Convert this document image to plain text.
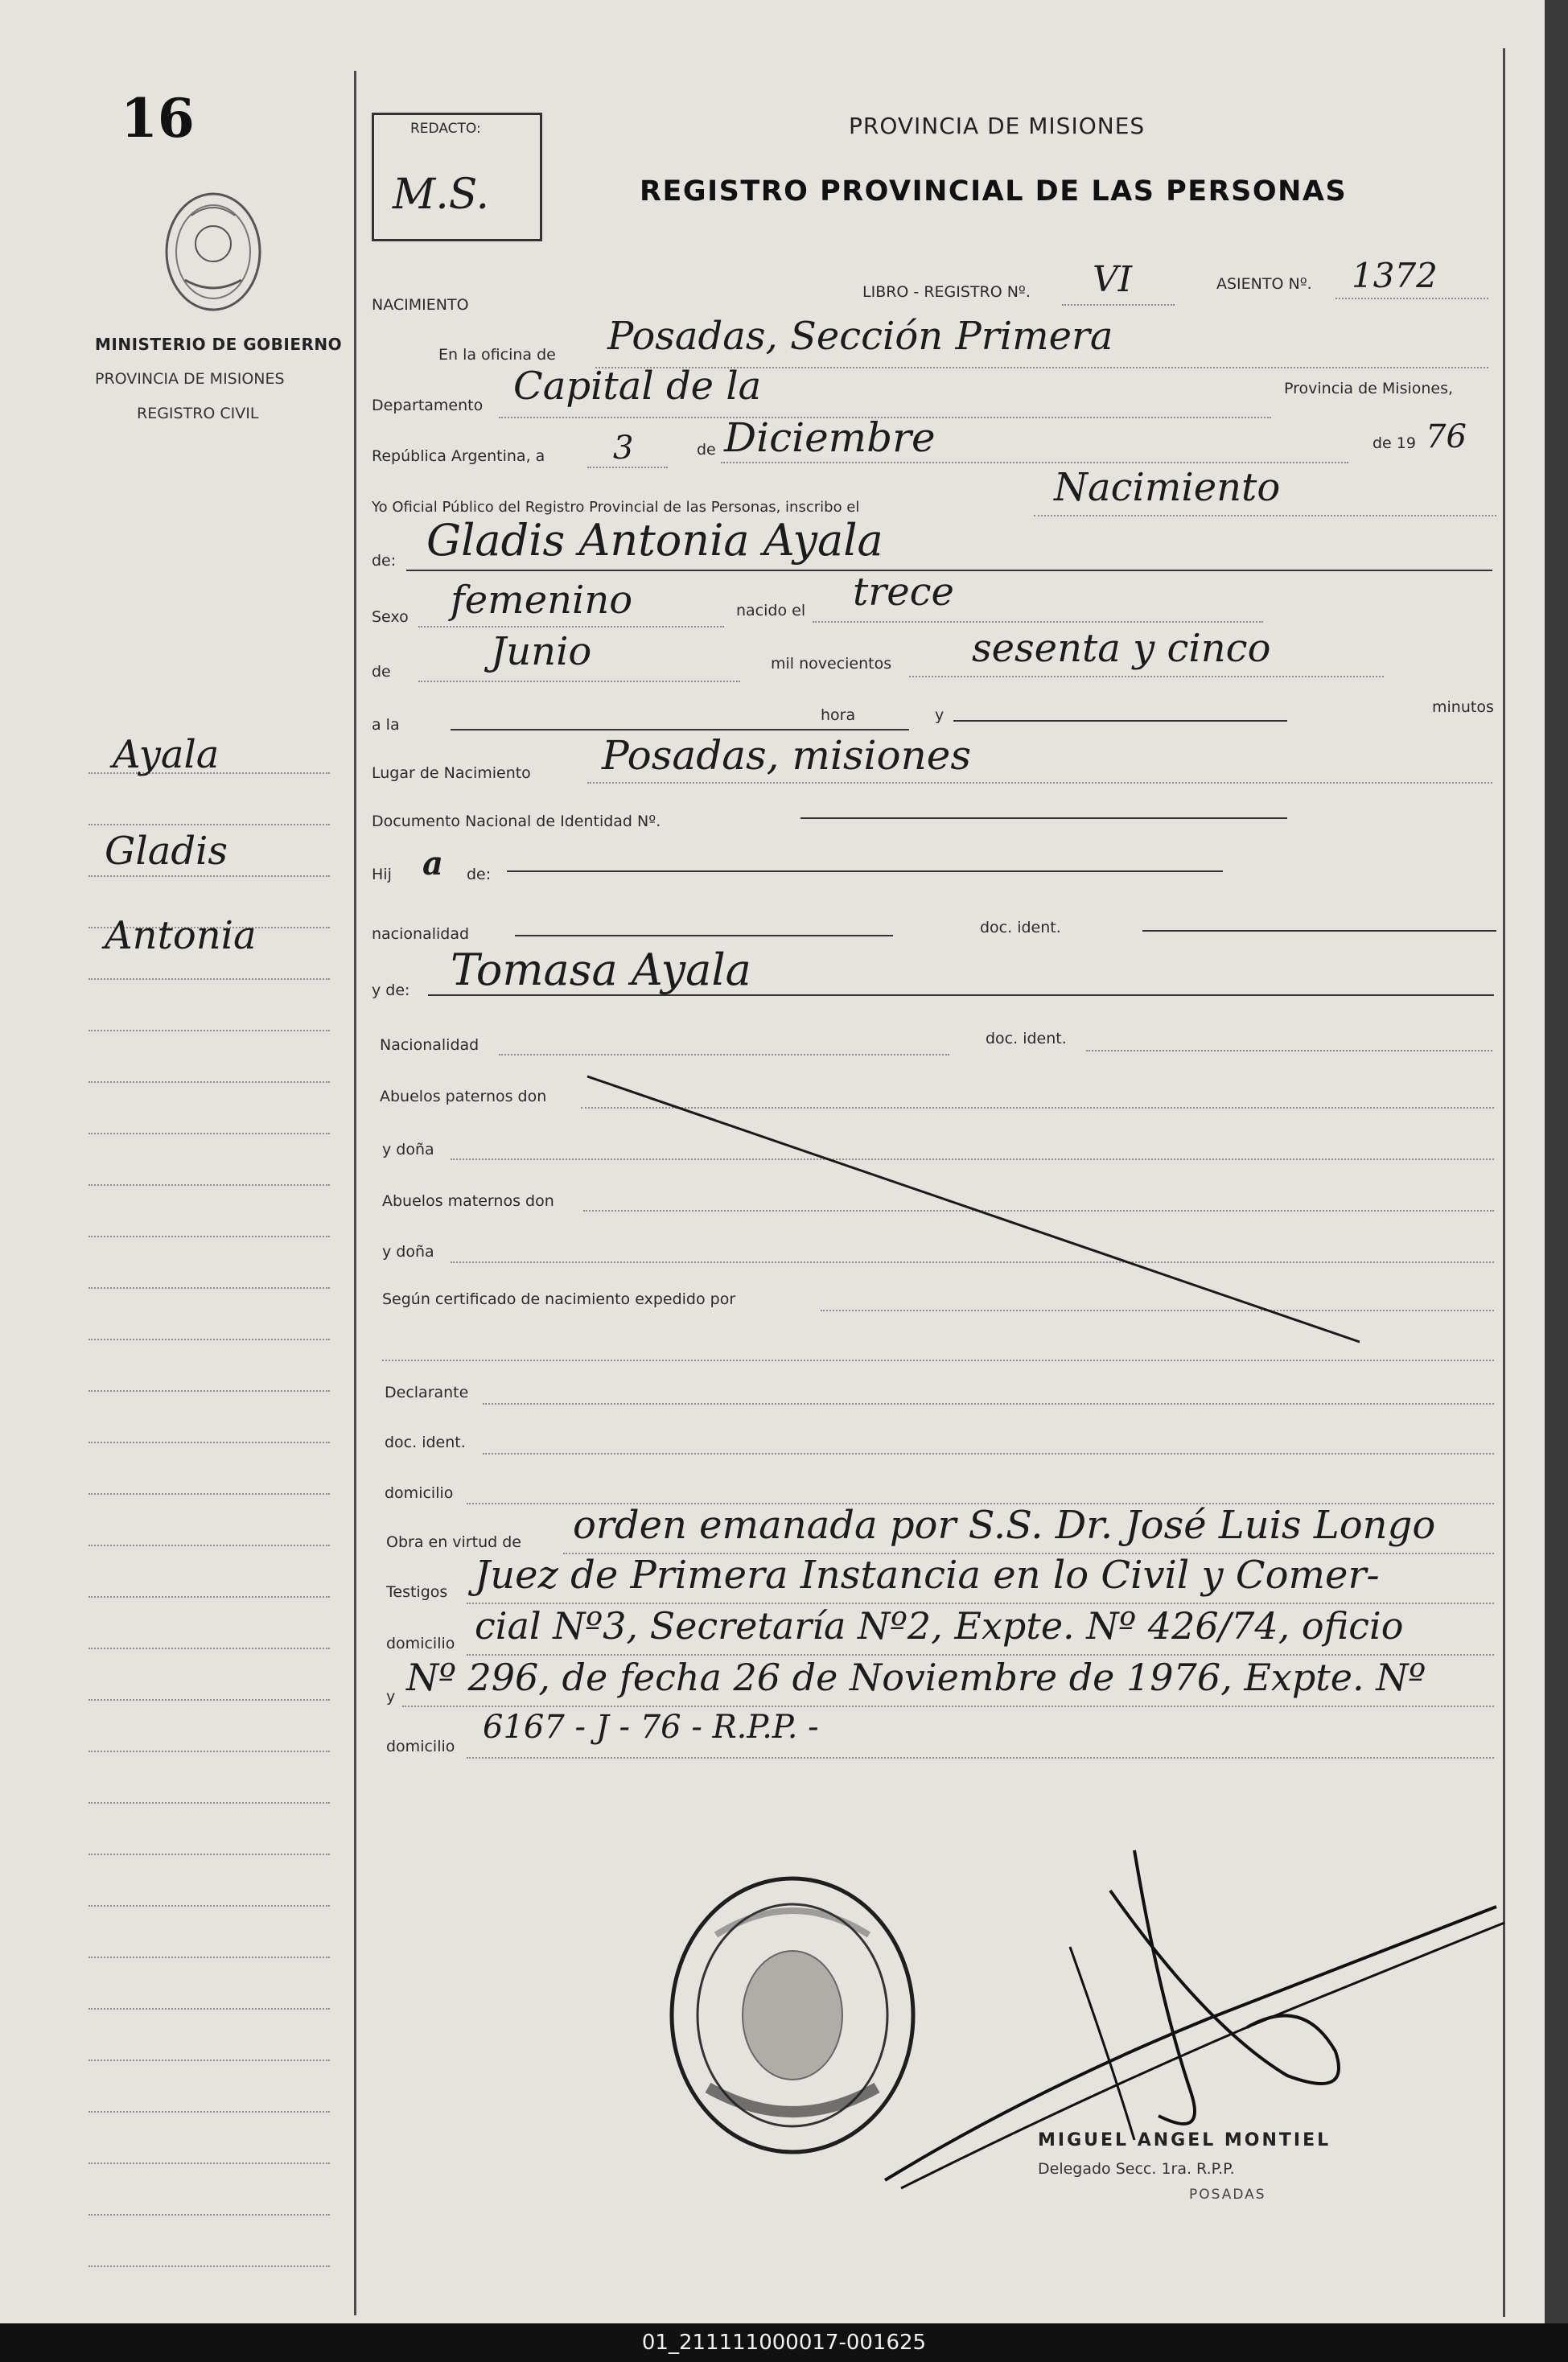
16
MINISTERIO DE GOBIERNO
PROVINCIA DE MISIONES
REGISTRO CIVIL
Ayala
Gladis
Antonia
REDACTO:
M.S.
PROVINCIA DE MISIONES
REGISTRO PROVINCIAL DE LAS PERSONAS
NACIMIENTO
LIBRO - REGISTRO Nº. VI	ASIENTO Nº. 1372
En la oficina de Posadas, Sección Primera
Departamento Capital de la	Provincia de Misiones,
República Argentina, a 3	de Diciembre	de 19 76
Yo Oficial Público del Registro Provincial de las Personas, inscribo el	Nacimiento
de: Gladis Antonia Ayala
Sexo femenino	nacido el trece
de	Junio	mil novecientos sesenta y cinco
a la
hora	y	minutos
Lugar de Nacimiento Posadas, misiones
Documento Nacional de Identidad Nº.
Hij a de:
nacionalidad	doc. ident.
y de: Tomasa Ayala
Nacionalidad	doc. ident.
Abuelos paternos don
y doña
Abuelos maternos don
y doña
Según certificado de nacimiento expedido por
Declarante
doc. ident.
domicilio
Obra en virtud de orden emanada por S.S. Dr. José Luis Longo
Testigos Juez de Primera Instancia en lo Civil y Comer-
domicilio cial Nº3, Secretaría Nº2, Expte. Nº 426/74, oficio
y Nº 296, de fecha 26 de Noviembre de 1976, Expte. Nº
domicilio
6167 - J - 76 - R.P.P. -
MIGUEL ANGEL MONTIEL
Delegado Secc. 1ra. R.P.P.
POSADAS
01_211111000017-001625
